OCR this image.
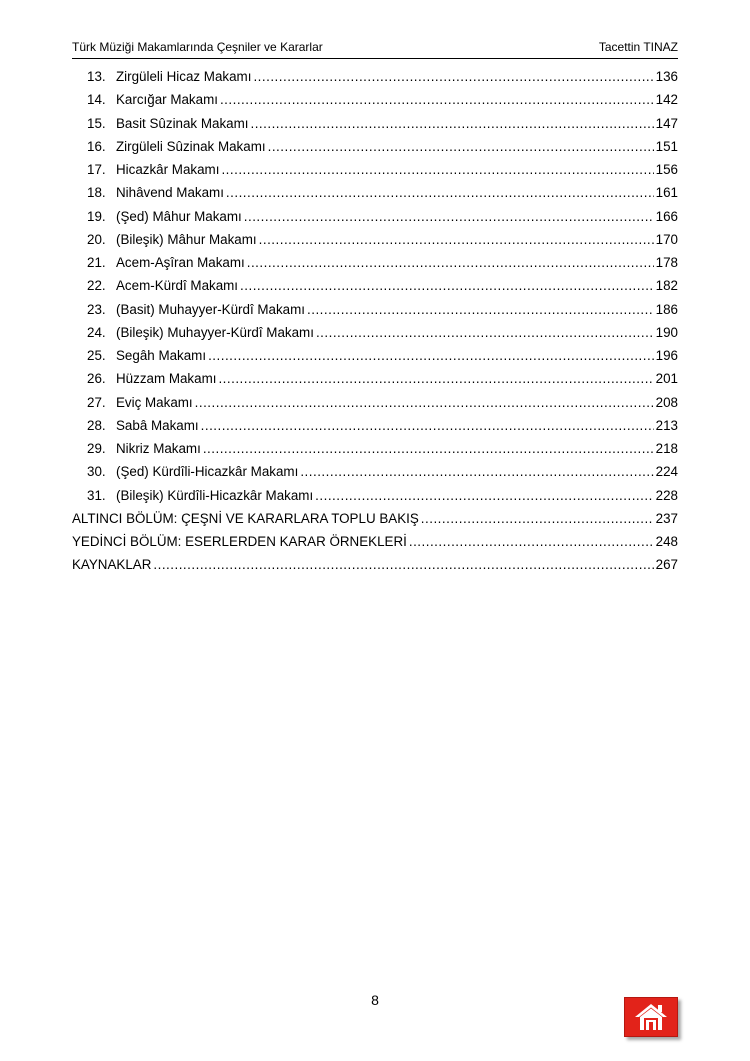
Türk Müziği Makamlarında Çeşniler ve Kararlar	Tacettin TINAZ
13. Zirgüleli Hicaz Makamı .....	136
14. Karcığar Makamı .....	142
15. Basit Sûzinak Makamı .....	147
16. Zirgüleli Sûzinak Makamı .....	151
17. Hicazkâr Makamı .....	156
18. Nihâvend Makamı .....	161
19. (Şed) Mâhur Makamı .....	166
20. (Bileşik) Mâhur Makamı .....	170
21. Acem-Aşîran Makamı .....	178
22. Acem-Kürdî Makamı .....	182
23. (Basit) Muhayyer-Kürdî Makamı .....	186
24. (Bileşik) Muhayyer-Kürdî Makamı .....	190
25. Segâh Makamı .....	196
26. Hüzzam Makamı .....	201
27. Eviç Makamı .....	208
28. Sabâ Makamı .....	213
29. Nikriz Makamı .....	218
30. (Şed) Kürdîli-Hicazkâr Makamı .....	224
31. (Bileşik) Kürdîli-Hicazkâr Makamı .....	228
ALTINCI BÖLÜM: ÇEŞNİ VE KARARLARA TOPLU BAKIŞ .....	237
YEDİNCİ BÖLÜM: ESERLERDEN KARAR ÖRNEKLERİ .....	248
KAYNAKLAR .....	267
8
